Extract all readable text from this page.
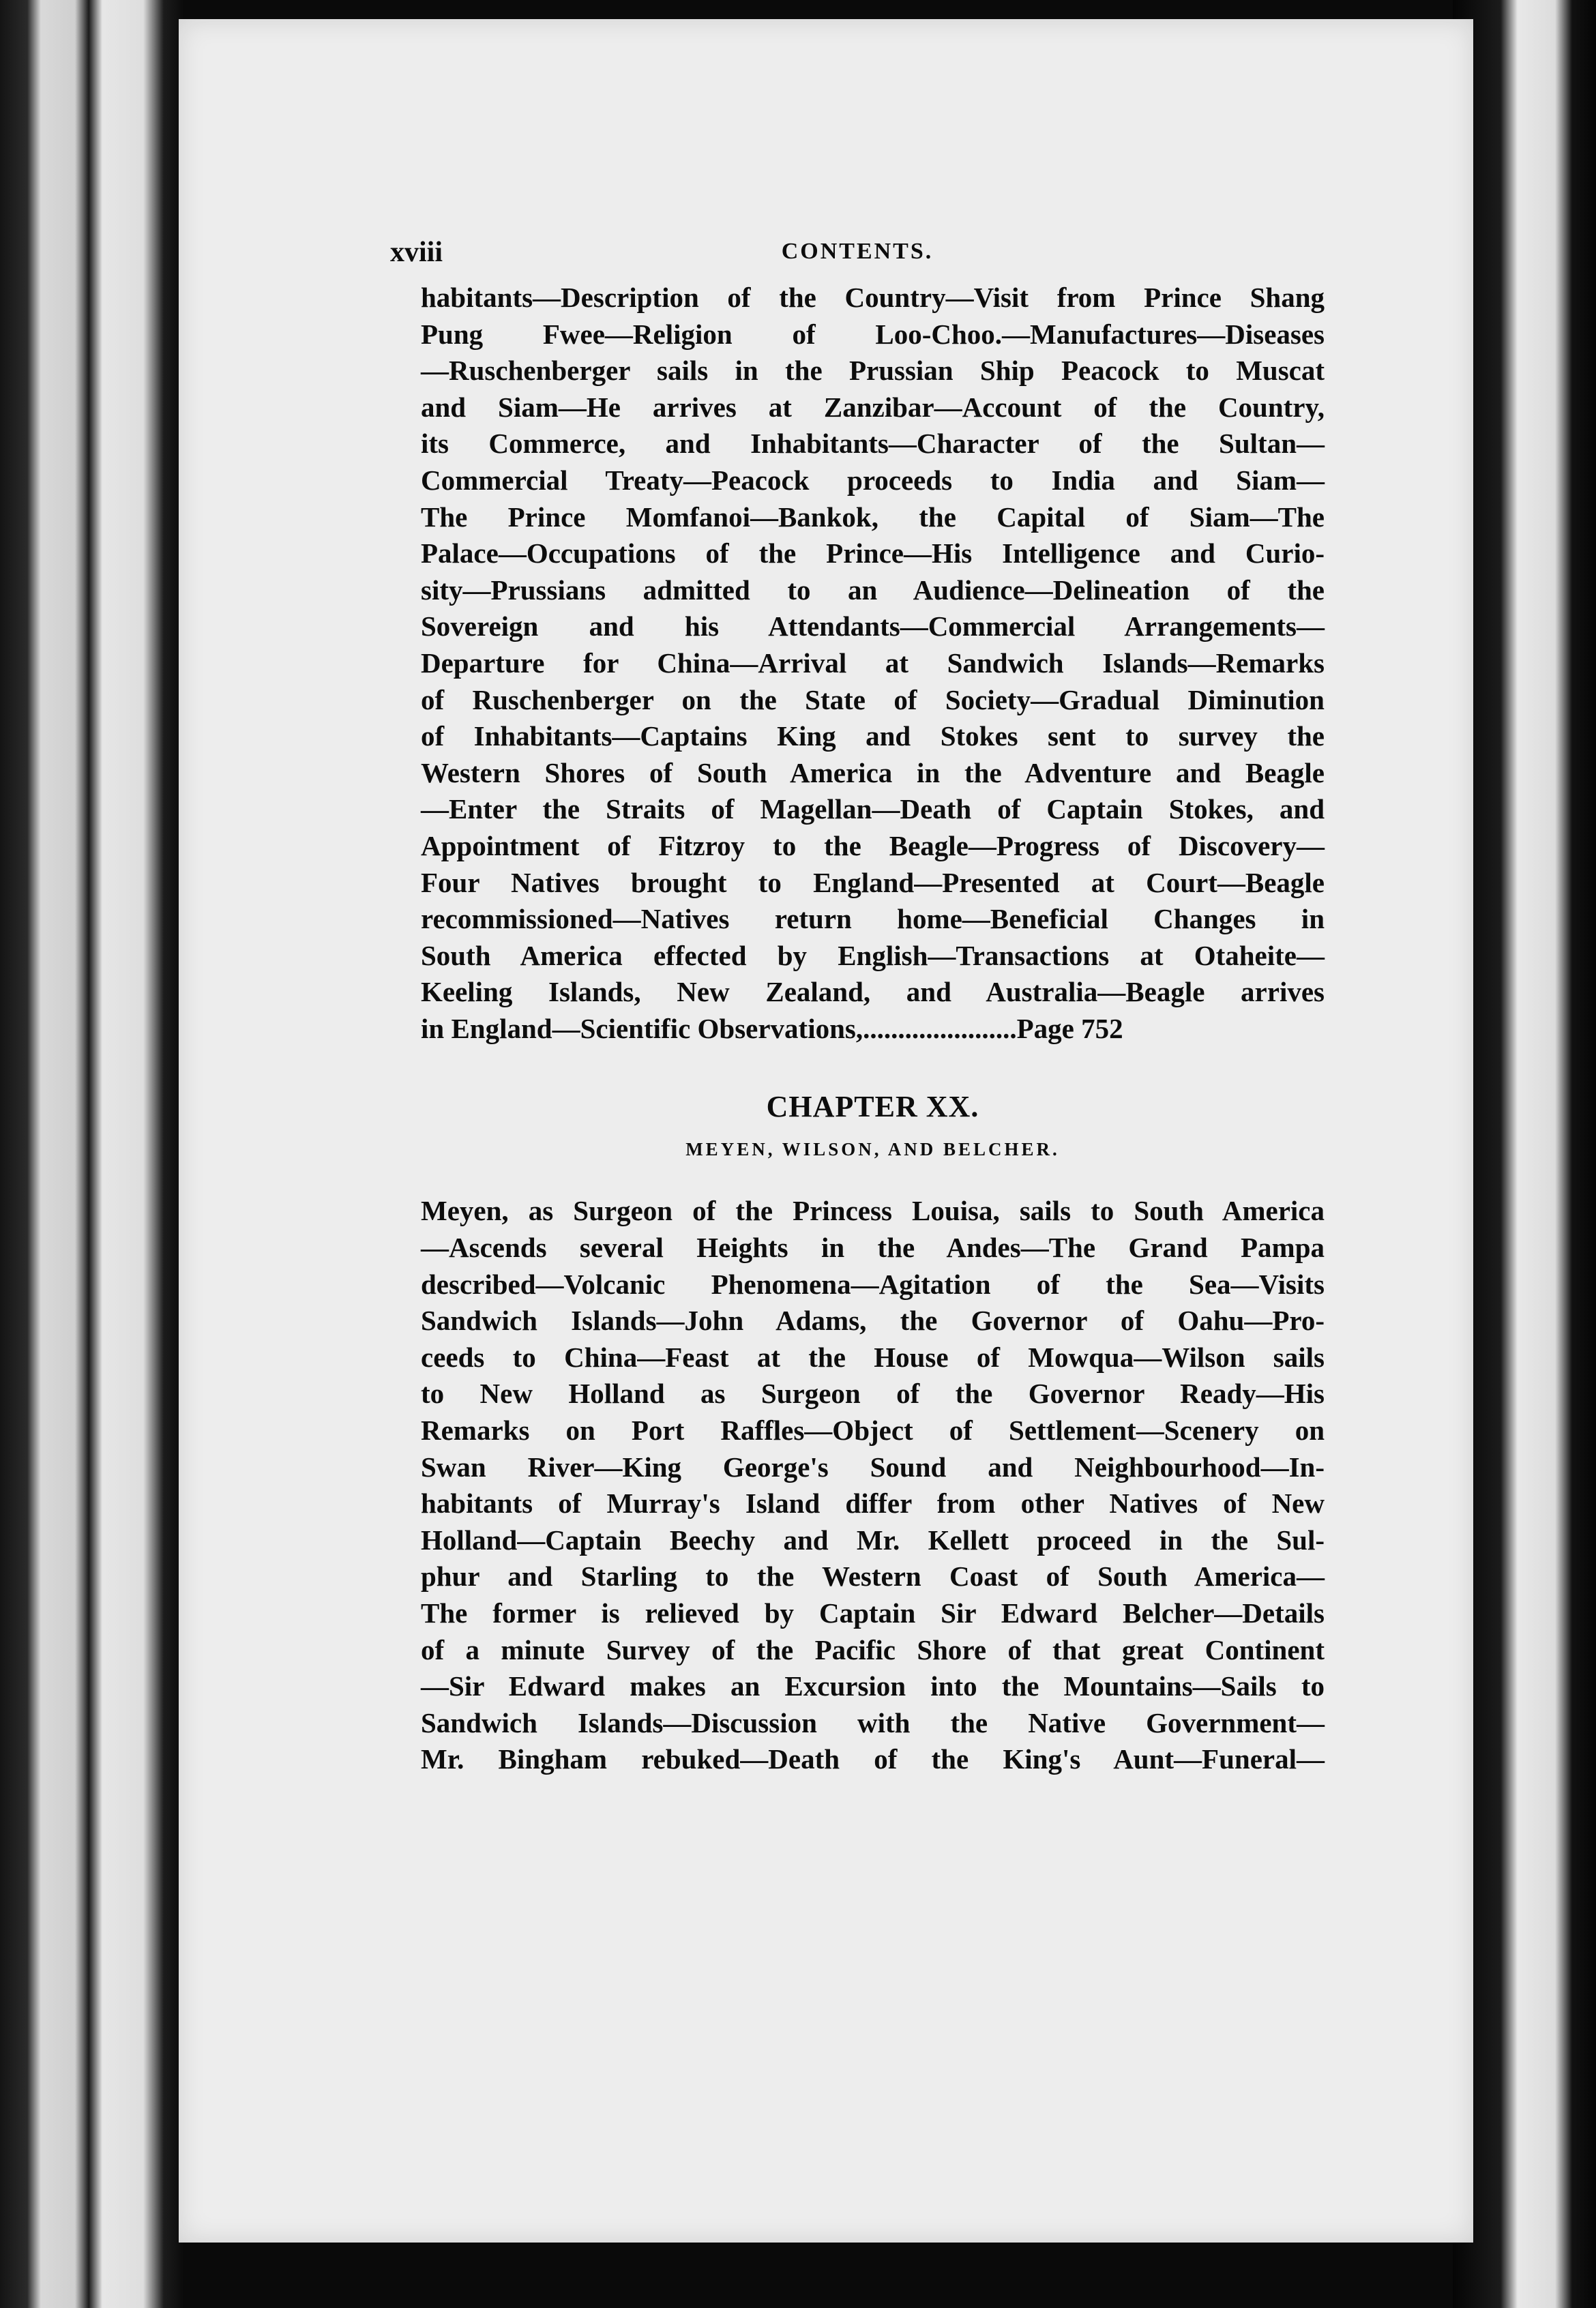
xviii	CONTENTS.

habitants—Description of the Country—Visit from Prince Shang

Pung Fwee—Religion of Loo-Choo.—Manufactures—Diseases

—Ruschenberger sails in the Prussian Ship Peacock to Muscat

and Siam—He arrives at Zanzibar—Account of the Country,

its Commerce, and Inhabitants—Character of the Sultan—

Commercial Treaty—Peacock proceeds to India and Siam—

The Prince Momfanoi—Bankok, the Capital of Siam—The

Palace—Occupations of the Prince—His Intelligence and Curio-

sity—Prussians admitted to an Audience—Delineation of the

Sovereign and his Attendants—Commercial Arrangements—

Departure for China—Arrival at Sandwich Islands—Remarks

of Ruschenberger on the State of Society—Gradual Diminution

of Inhabitants—Captains King and Stokes sent to survey the

Western Shores of South America in the Adventure and Beagle

—Enter the Straits of Magellan—Death of Captain Stokes, and

Appointment of Fitzroy to the Beagle—Progress of Discovery—

Four Natives brought to England—Presented at Court—Beagle

recommissioned—Natives return home—Beneficial Changes in

South America effected by English—Transactions at Otaheite—

Keeling Islands, New Zealand, and Australia—Beagle arrives

in England—Scientific Observations,......................Page 752

CHAPTER XX.
MEYEN, WILSON, AND BELCHER.

Meyen, as Surgeon of the Princess Louisa, sails to South America

—Ascends several Heights in the Andes—The Grand Pampa

described—Volcanic Phenomena—Agitation of the Sea—Visits

Sandwich Islands—John Adams, the Governor of Oahu—Pro-

ceeds to China—Feast at the House of Mowqua—Wilson sails

to New Holland as Surgeon of the Governor Ready—His

Remarks on Port Raffles—Object of Settlement—Scenery on

Swan River—King George's Sound and Neighbourhood—In-

habitants of Murray's Island differ from other Natives of New

Holland—Captain Beechy and Mr. Kellett proceed in the Sul-

phur and Starling to the Western Coast of South America—

The former is relieved by Captain Sir Edward Belcher—Details

of a minute Survey of the Pacific Shore of that great Continent

—Sir Edward makes an Excursion into the Mountains—Sails to

Sandwich Islands—Discussion with the Native Government—

Mr. Bingham rebuked—Death of the King's Aunt—Funeral—
